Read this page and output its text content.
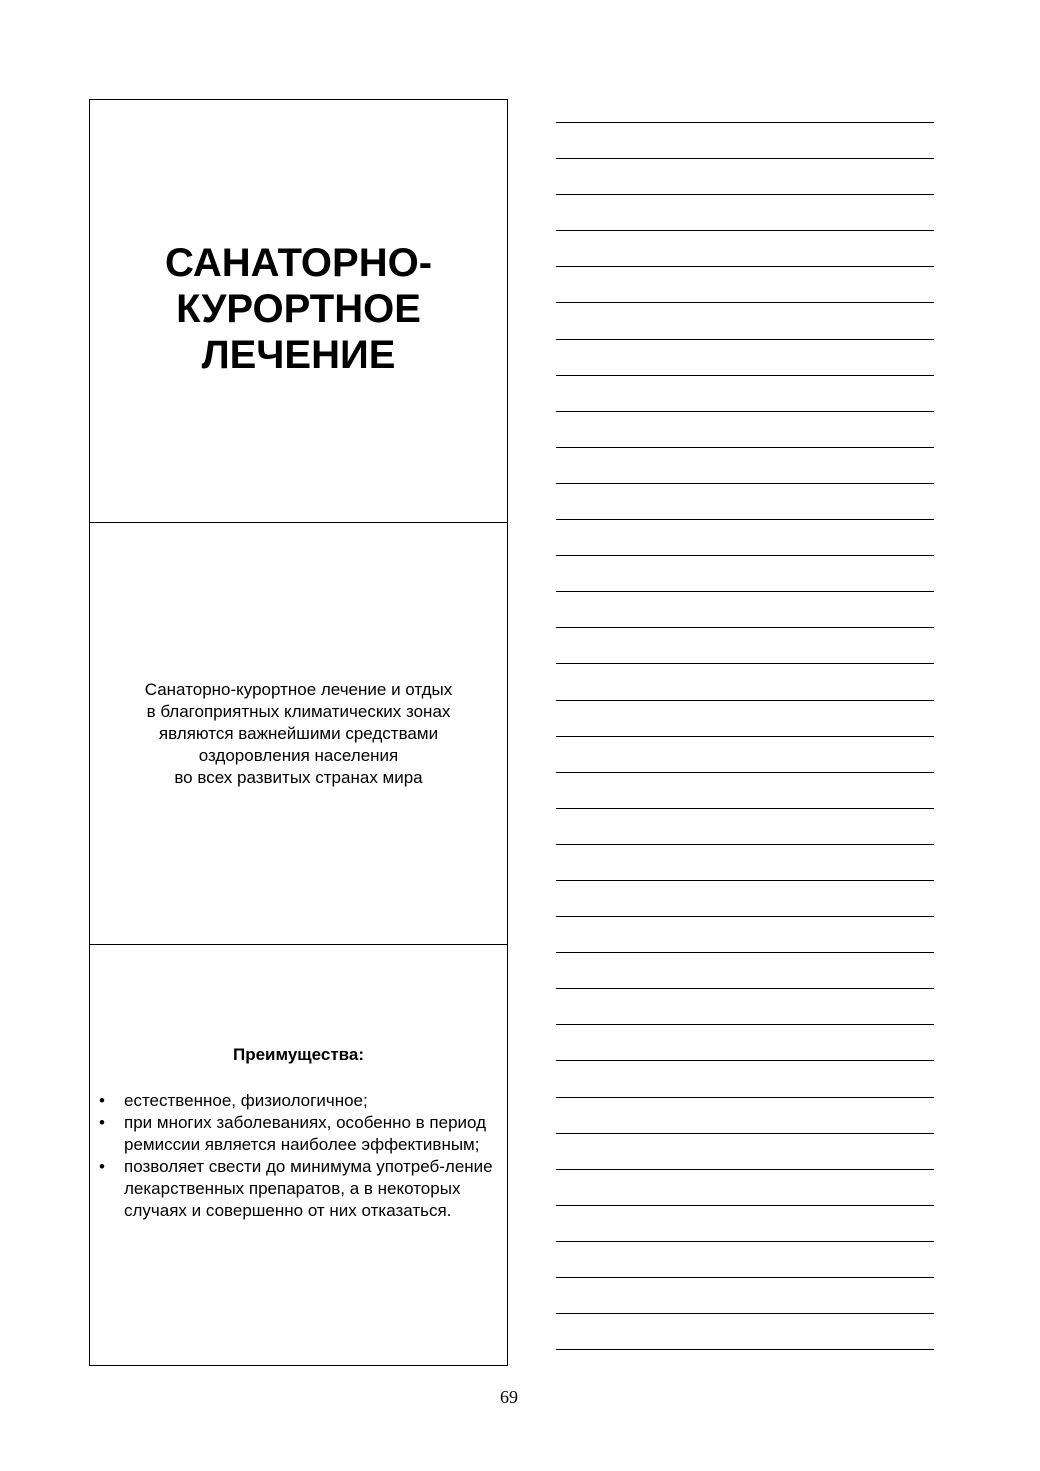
САНАТОРНО-
КУРОРТНОЕ
ЛЕЧЕНИЕ
Санаторно-курортное лечение и отдых
в благоприятных климатических зонах
являются важнейшими средствами
оздоровления населения
во всех развитых странах мира
Преимущества:
• естественное, физиологичное;
• при многих заболеваниях, особенно в период ремиссии является наиболее эффективным;
• позволяет свести до минимума употреб-ление лекарственных препаратов, а в некоторых случаях и совершенно от них отказаться.
69
